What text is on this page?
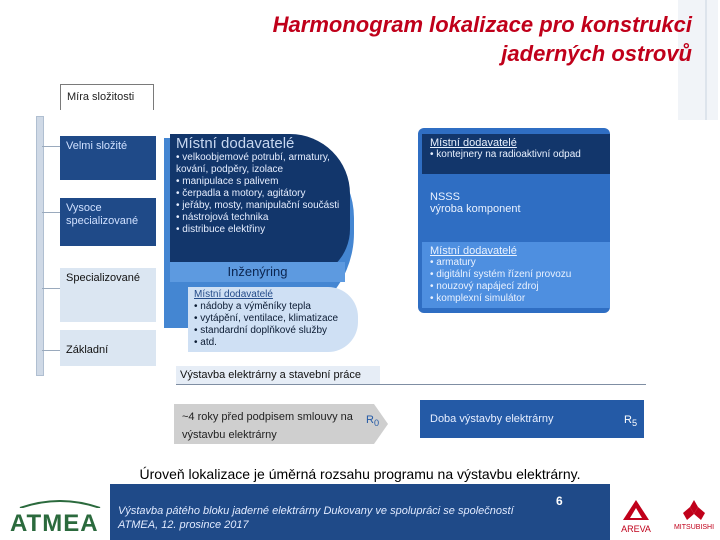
Harmonogram lokalizace pro konstrukci
jaderných ostrovů
Míra složitosti
Velmi složité
Vysoce specializované
Specializované
Základní
Místní dodavatelé
• velkoobjemové potrubí, armatury, kování, podpěry, izolace
• manipulace s palivem
• čerpadla a motory, agitátory
• jeřáby, mosty, manipulační součásti
• nástrojová technika
• distribuce elektřiny
Inženýring
Místní dodavatelé
• nádoby a výměníky tepla
• vytápění, ventilace, klimatizace
• standardní doplňkové služby
• atd.
Místní dodavatelé
• kontejnery na radioaktivní odpad
NSSS
výroba komponent
Místní dodavatelé
• armatury
• digitální systém řízení provozu
• nouzový napájecí zdroj
• komplexní simulátor
Výstavba elektrárny a stavební práce
~4 roky před podpisem smlouvy na výstavbu elektrárny
$R_0$	Doba výstavby elektrárny	$R_5$
Úroveň lokalizace je úměrná rozsahu programu na výstavbu elektrárny.
Výstavba pátého bloku jaderné elektrárny Dukovany ve spolupráci se společností ATMEA, 12. prosince 2017
6
ATMEA	AREVA	MITSUBISHI
